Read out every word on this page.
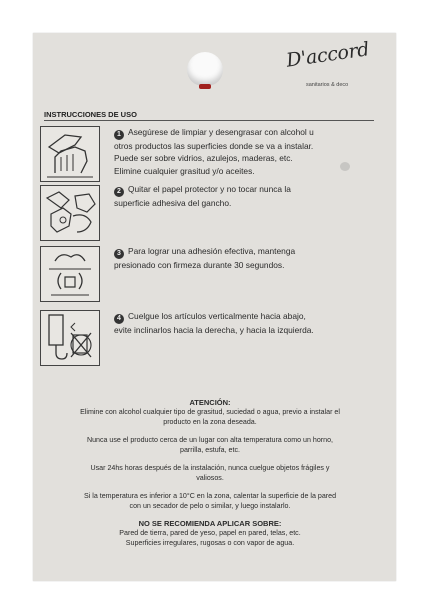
D'accord
sanitarios & deco
INSTRUCCIONES DE USO
1 Asegúrese de limpiar y desengrasar con alcohol u
otros productos las superficies donde se va a instalar.
Puede ser sobre vidrios, azulejos, maderas, etc.
Elimine cualquier grasitud y/o aceites.
2 Quitar el papel protector y no tocar nunca la
superficie adhesiva del gancho.
3 Para lograr una adhesión efectiva, mantenga
presionado con firmeza durante 30 segundos.
4 Cuelgue los artículos verticalmente hacia abajo,
evite inclinarlos hacia la derecha, y hacia la izquierda.
ATENCIÓN:

Elimine con alcohol cualquier tipo de grasitud, suciedad o agua, previo a instalar el

producto en la zona deseada.

Nunca use el producto cerca de un lugar con alta temperatura como un horno,

parrilla, estufa, etc.

Usar 24hs horas después de la instalación, nunca cuelgue objetos frágiles y

valiosos.

Si la temperatura es inferior a 10°C en la zona, calentar la superficie de la pared

con un secador de pelo o similar, y luego instalarlo.

NO SE RECOMIENDA APLICAR SOBRE:

Pared de tierra, pared de yeso, papel en pared, telas, etc.

Superficies irregulares, rugosas o con vapor de agua.
